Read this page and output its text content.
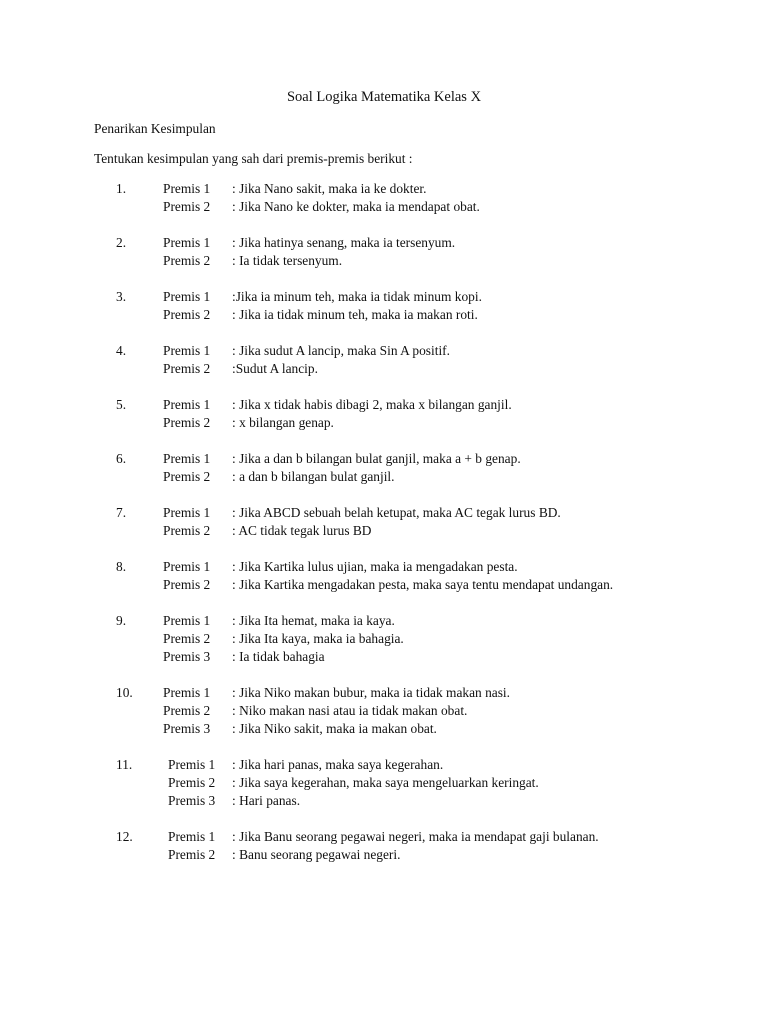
Soal Logika Matematika Kelas X
Penarikan Kesimpulan
Tentukan kesimpulan yang sah dari premis-premis berikut :
1.	Premis 1 : Jika Nano sakit, maka ia ke dokter.
Premis 2 : Jika Nano ke dokter, maka ia mendapat obat.
2.	Premis 1 : Jika hatinya senang, maka ia tersenyum.
Premis 2 : Ia tidak tersenyum.
3.	Premis 1 :Jika ia minum teh, maka ia tidak minum kopi.
Premis 2 : Jika ia tidak minum teh, maka ia makan roti.
4.	Premis 1 : Jika sudut A lancip, maka Sin A positif.
Premis 2 :Sudut A lancip.
5.	Premis 1 : Jika x tidak habis dibagi 2, maka x bilangan ganjil.
Premis 2 : x bilangan genap.
6.	Premis 1 : Jika a dan b bilangan bulat ganjil, maka a + b genap.
Premis 2 : a dan b bilangan bulat ganjil.
7.	Premis 1 : Jika ABCD sebuah belah ketupat, maka AC tegak lurus BD.
Premis 2 : AC tidak tegak lurus BD
8.	Premis 1 : Jika Kartika lulus ujian, maka ia mengadakan pesta.
Premis 2 : Jika Kartika mengadakan pesta, maka saya tentu mendapat undangan.
9.	Premis 1 : Jika Ita hemat, maka ia kaya.
Premis 2 : Jika Ita kaya, maka ia bahagia.
Premis 3 : Ia tidak bahagia
10. Premis 1 : Jika Niko makan bubur, maka ia tidak makan nasi.
Premis 2 : Niko makan nasi atau ia tidak makan obat.
Premis 3 : Jika Niko sakit, maka ia makan obat.
11.	Premis 1 : Jika hari panas, maka saya kegerahan.
Premis 2 : Jika saya kegerahan, maka saya mengeluarkan keringat.
Premis 3 : Hari panas.
12.	Premis 1 : Jika Banu seorang pegawai negeri, maka ia mendapat gaji bulanan.
Premis 2 : Banu seorang pegawai negeri.
